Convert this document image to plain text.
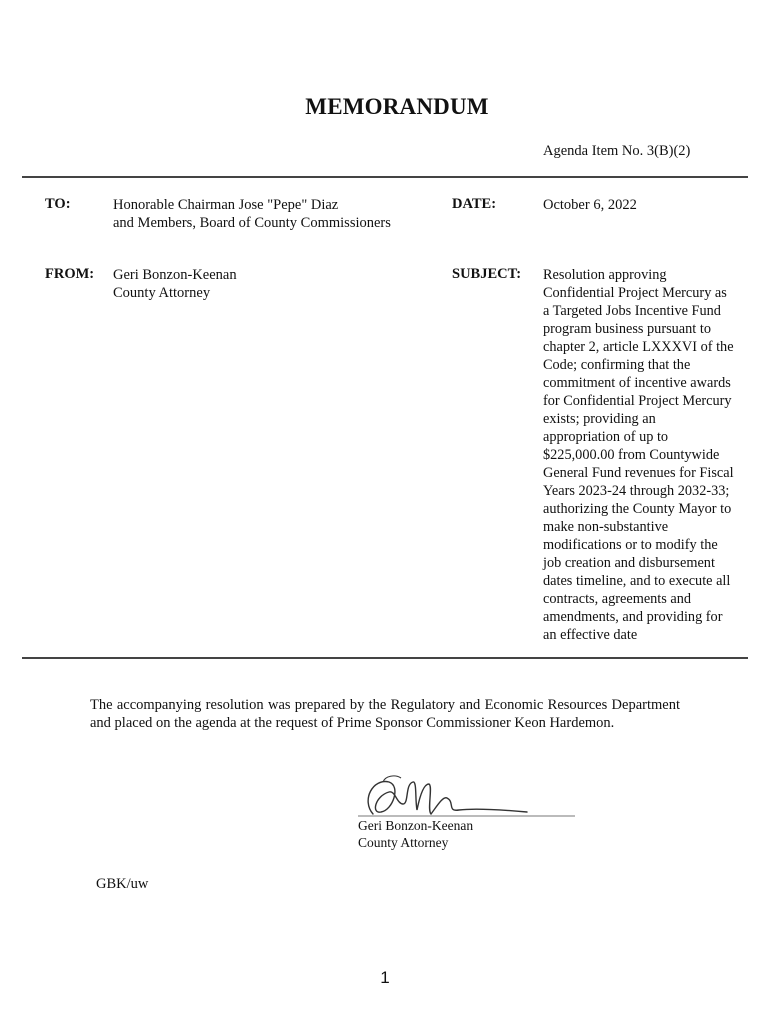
MEMORANDUM
Agenda Item No. 3(B)(2)
TO:	Honorable Chairman Jose "Pepe" Diaz
and Members, Board of County Commissioners
DATE:	October 6, 2022
FROM: Geri Bonzon-Keenan
County Attorney
SUBJECT: Resolution approving
Confidential Project Mercury as
a Targeted Jobs Incentive Fund
program business pursuant to
chapter 2, article LXXXVI of the
Code; confirming that the
commitment of incentive awards
for Confidential Project Mercury
exists; providing an
appropriation of up to
$225,000.00 from Countywide
General Fund revenues for Fiscal
Years 2023-24 through 2032-33;
authorizing the County Mayor to
make non-substantive
modifications or to modify the
job creation and disbursement
dates timeline, and to execute all
contracts, agreements and
amendments, and providing for
an effective date
The accompanying resolution was prepared by the Regulatory and Economic Resources Department and placed on the agenda at the request of Prime Sponsor Commissioner Keon Hardemon.
Geri Bonzon-Keenan
County Attorney
GBK/uw
1
